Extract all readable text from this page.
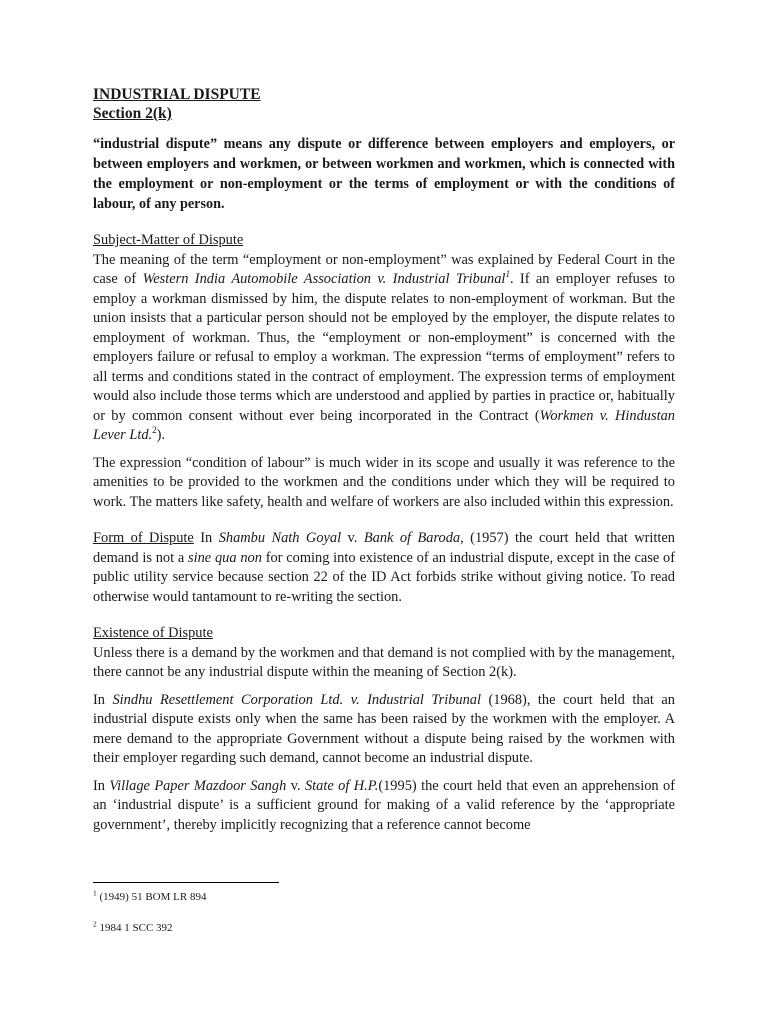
INDUSTRIAL DISPUTE

Section 2(k)

“industrial dispute” means any dispute or difference between employers and employers, or between employers and workmen, or between workmen and workmen, which is connected with the employment or non-employment or the terms of employment or with the conditions of labour, of any person.

Subject-Matter of Dispute

The meaning of the term “employment or non-employment” was explained by Federal Court in the case of Western India Automobile Association v. Industrial Tribunal$^1$. If an employer refuses to employ a workman dismissed by him, the dispute relates to non-employment of workman. But the union insists that a particular person should not be employed by the employer, the dispute relates to employment of workman. Thus, the “employment or non-employment” is concerned with the employers failure or refusal to employ a workman. The expression “terms of employment” refers to all terms and conditions stated in the contract of employment. The expression terms of employment would also include those terms which are understood and applied by parties in practice or, habitually or by common consent without ever being incorporated in the Contract (Workmen v. Hindustan Lever Ltd.$^2$).

The expression “condition of labour” is much wider in its scope and usually it was reference to the amenities to be provided to the workmen and the conditions under which they will be required to work. The matters like safety, health and welfare of workers are also included within this expression.

Form of Dispute In Shambu Nath Goyal v. Bank of Baroda, (1957) the court held that written demand is not a sine qua non for coming into existence of an industrial dispute, except in the case of public utility service because section 22 of the ID Act forbids strike without giving notice. To read otherwise would tantamount to re-writing the section.

Existence of Dispute

Unless there is a demand by the workmen and that demand is not complied with by the management, there cannot be any industrial dispute within the meaning of Section 2(k).

In Sindhu Resettlement Corporation Ltd. v. Industrial Tribunal (1968), the court held that an industrial dispute exists only when the same has been raised by the workmen with the employer. A mere demand to the appropriate Government without a dispute being raised by the workmen with their employer regarding such demand, cannot become an industrial dispute.

In Village Paper Mazdoor Sangh v. State of H.P.(1995) the court held that even an apprehension of an ‘industrial dispute’ is a sufficient ground for making of a valid reference by the ‘appropriate government’, thereby implicitly recognizing that a reference cannot become

$^1$ (1949) 51 BOM LR 894

$^2$ 1984 1 SCC 392
